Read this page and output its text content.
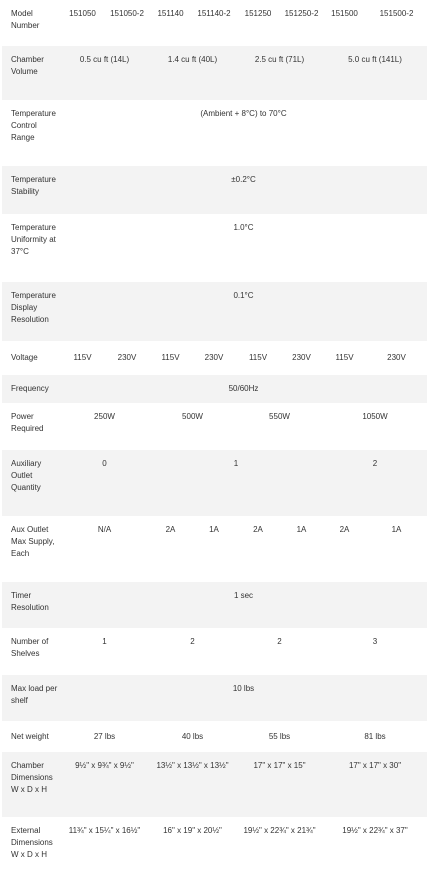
Model Number	151050	151050-2	151140	151140-2	151250	151250-2	151500	151500-2
Chamber Volume	0.5 cu ft (14L)		1.4 cu ft (40L)		2.5 cu ft (71L)		5.0 cu ft (141L)	
Temperature Control Range	(Ambient + 8°C) to 70°C							
Temperature Stability	±0.2°C							
Temperature Uniformity at 37°C	1.0°C							
Temperature Display Resolution	0.1°C							
Voltage	115V	230V	115V	230V	115V	230V	115V	230V
Frequency	50/60Hz							
Power Required	250W		500W		550W		1050W	
Auxiliary Outlet Quantity	0		1				2	
Aux Outlet Max Supply, Each	N/A		2A	1A	2A	1A	2A	1A
Timer Resolution	1 sec							
Number of Shelves	1		2		2		3	
Max load per shelf	10 lbs							
Net weight	27 lbs		40 lbs		55 lbs		81 lbs	
Chamber Dimensions W x D x H	9½" x 9¾" x 9½"		13½" x 13½" x 13½"		17" x 17" x 15"		17" x 17" x 30"	
External Dimensions W x D x H	11¾" x 15¼" x 16½"		16" x 19" x 20½"		19½" x 22¾" x 21¾"		19½" x 22¾" x 37"	
